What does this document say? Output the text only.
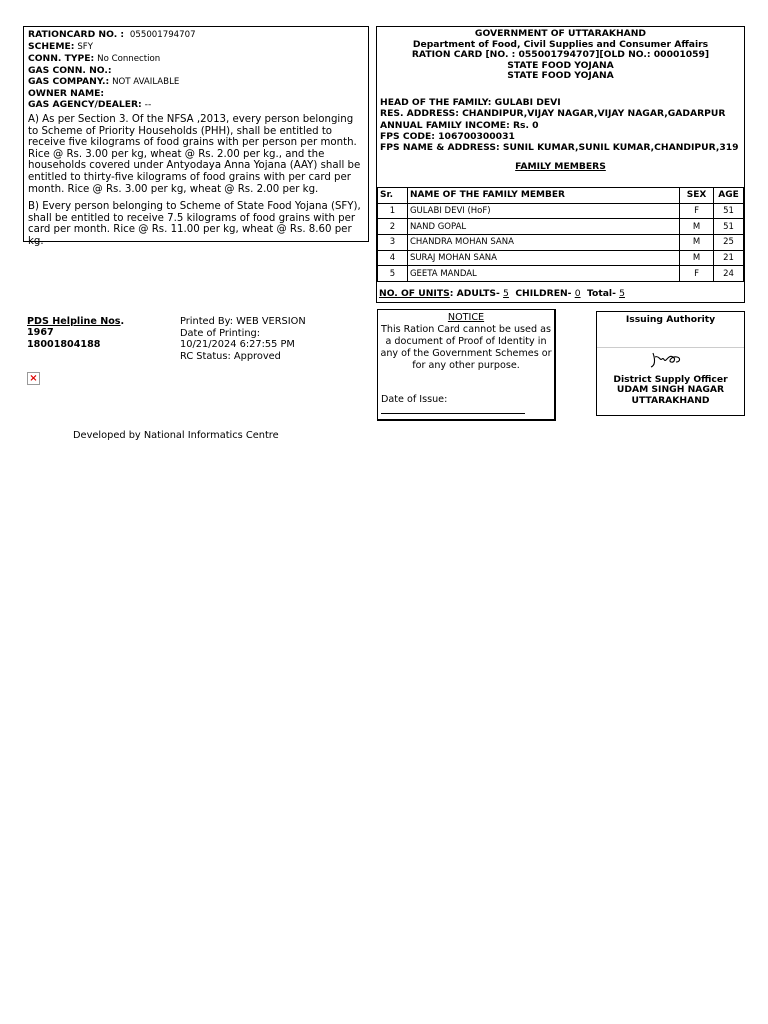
RATIONCARD NO. : 055001794707
SCHEME: SFY
CONN. TYPE: No Connection
GAS CONN. NO.:
GAS COMPANY.: NOT AVAILABLE
OWNER NAME:
GAS AGENCY/DEALER: --
A) As per Section 3. Of the NFSA ,2013, every person belonging to Scheme of Priority Households (PHH), shall be entitled to receive five kilograms of food grains with per person per month. Rice @ Rs. 3.00 per kg, wheat @ Rs. 2.00 per kg., and the households covered under Antyodaya Anna Yojana (AAY) shall be entitled to thirty-five kilograms of food grains with per card per month. Rice @ Rs. 3.00 per kg, wheat @ Rs. 2.00 per kg.
B) Every person belonging to Scheme of State Food Yojana (SFY), shall be entitled to receive 7.5 kilograms of food grains with per card per month. Rice @ Rs. 11.00 per kg, wheat @ Rs. 8.60 per kg.
GOVERNMENT OF UTTARAKHAND
Department of Food, Civil Supplies and Consumer Affairs
RATION CARD [NO. : 055001794707][OLD NO.: 00001059]
STATE FOOD YOJANA
STATE FOOD YOJANA
HEAD OF THE FAMILY: GULABI DEVI
RES. ADDRESS: CHANDIPUR,VIJAY NAGAR,VIJAY NAGAR,GADARPUR
ANNUAL FAMILY INCOME: Rs. 0
FPS CODE: 106700300031
FPS NAME & ADDRESS: SUNIL KUMAR,SUNIL KUMAR,CHANDIPUR,319
FAMILY MEMBERS
Sr.	NAME OF THE FAMILY MEMBER	SEX	AGE
1	GULABI DEVI (HoF)	F	51
2	NAND GOPAL	M	51
3	CHANDRA MOHAN SANA	M	25
4	SURAJ MOHAN SANA	M	21
5	GEETA MANDAL	F	24
NO. OF UNITS: ADULTS- 5 CHILDREN- 0 Total- 5
PDS Helpline Nos.
1967
18001804188
Printed By: WEB VERSION
Date of Printing:
10/21/2024 6:27:55 PM
RC Status: Approved
×
NOTICE
This Ration Card cannot be used as a document of Proof of Identity in any of the Government Schemes or for any other purpose.
Date of Issue:
Issuing Authority
District Supply Officer
UDAM SINGH NAGAR
UTTARAKHAND
Developed by National Informatics Centre
